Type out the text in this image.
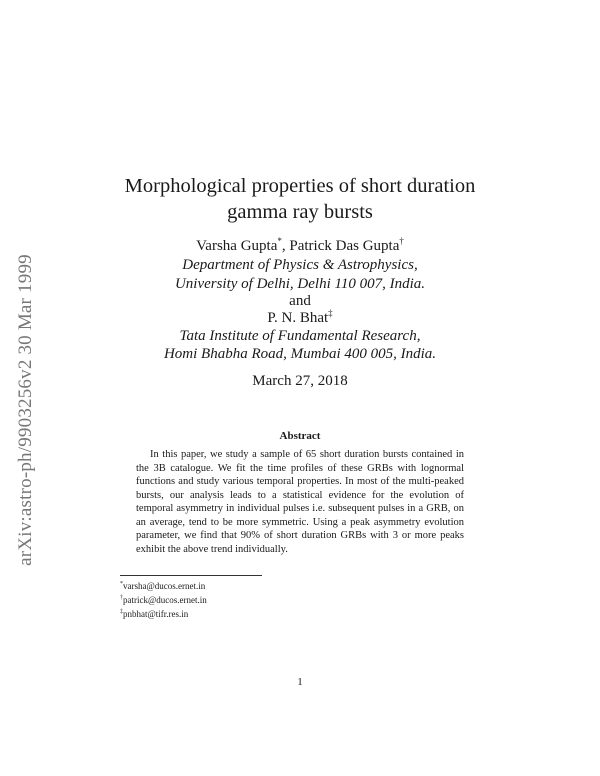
arXiv:astro-ph/9903256v2 30 Mar 1999
Morphological properties of short duration
gamma ray bursts
Varsha Gupta*, Patrick Das Gupta†
Department of Physics & Astrophysics,
University of Delhi, Delhi 110 007, India.
and
P. N. Bhat‡
Tata Institute of Fundamental Research,
Homi Bhabha Road, Mumbai 400 005, India.
March 27, 2018
Abstract
In this paper, we study a sample of 65 short duration bursts contained in the 3B catalogue. We fit the time profiles of these GRBs with lognormal functions and study various temporal properties. In most of the multi-peaked bursts, our analysis leads to a statistical evidence for the evolution of temporal asymmetry in individual pulses i.e. subsequent pulses in a GRB, on an average, tend to be more symmetric. Using a peak asymmetry evolution parameter, we find that 90% of short duration GRBs with 3 or more peaks exhibit the above trend individually.
*varsha@ducos.ernet.in
†patrick@ducos.ernet.in
‡pnbhat@tifr.res.in
1
